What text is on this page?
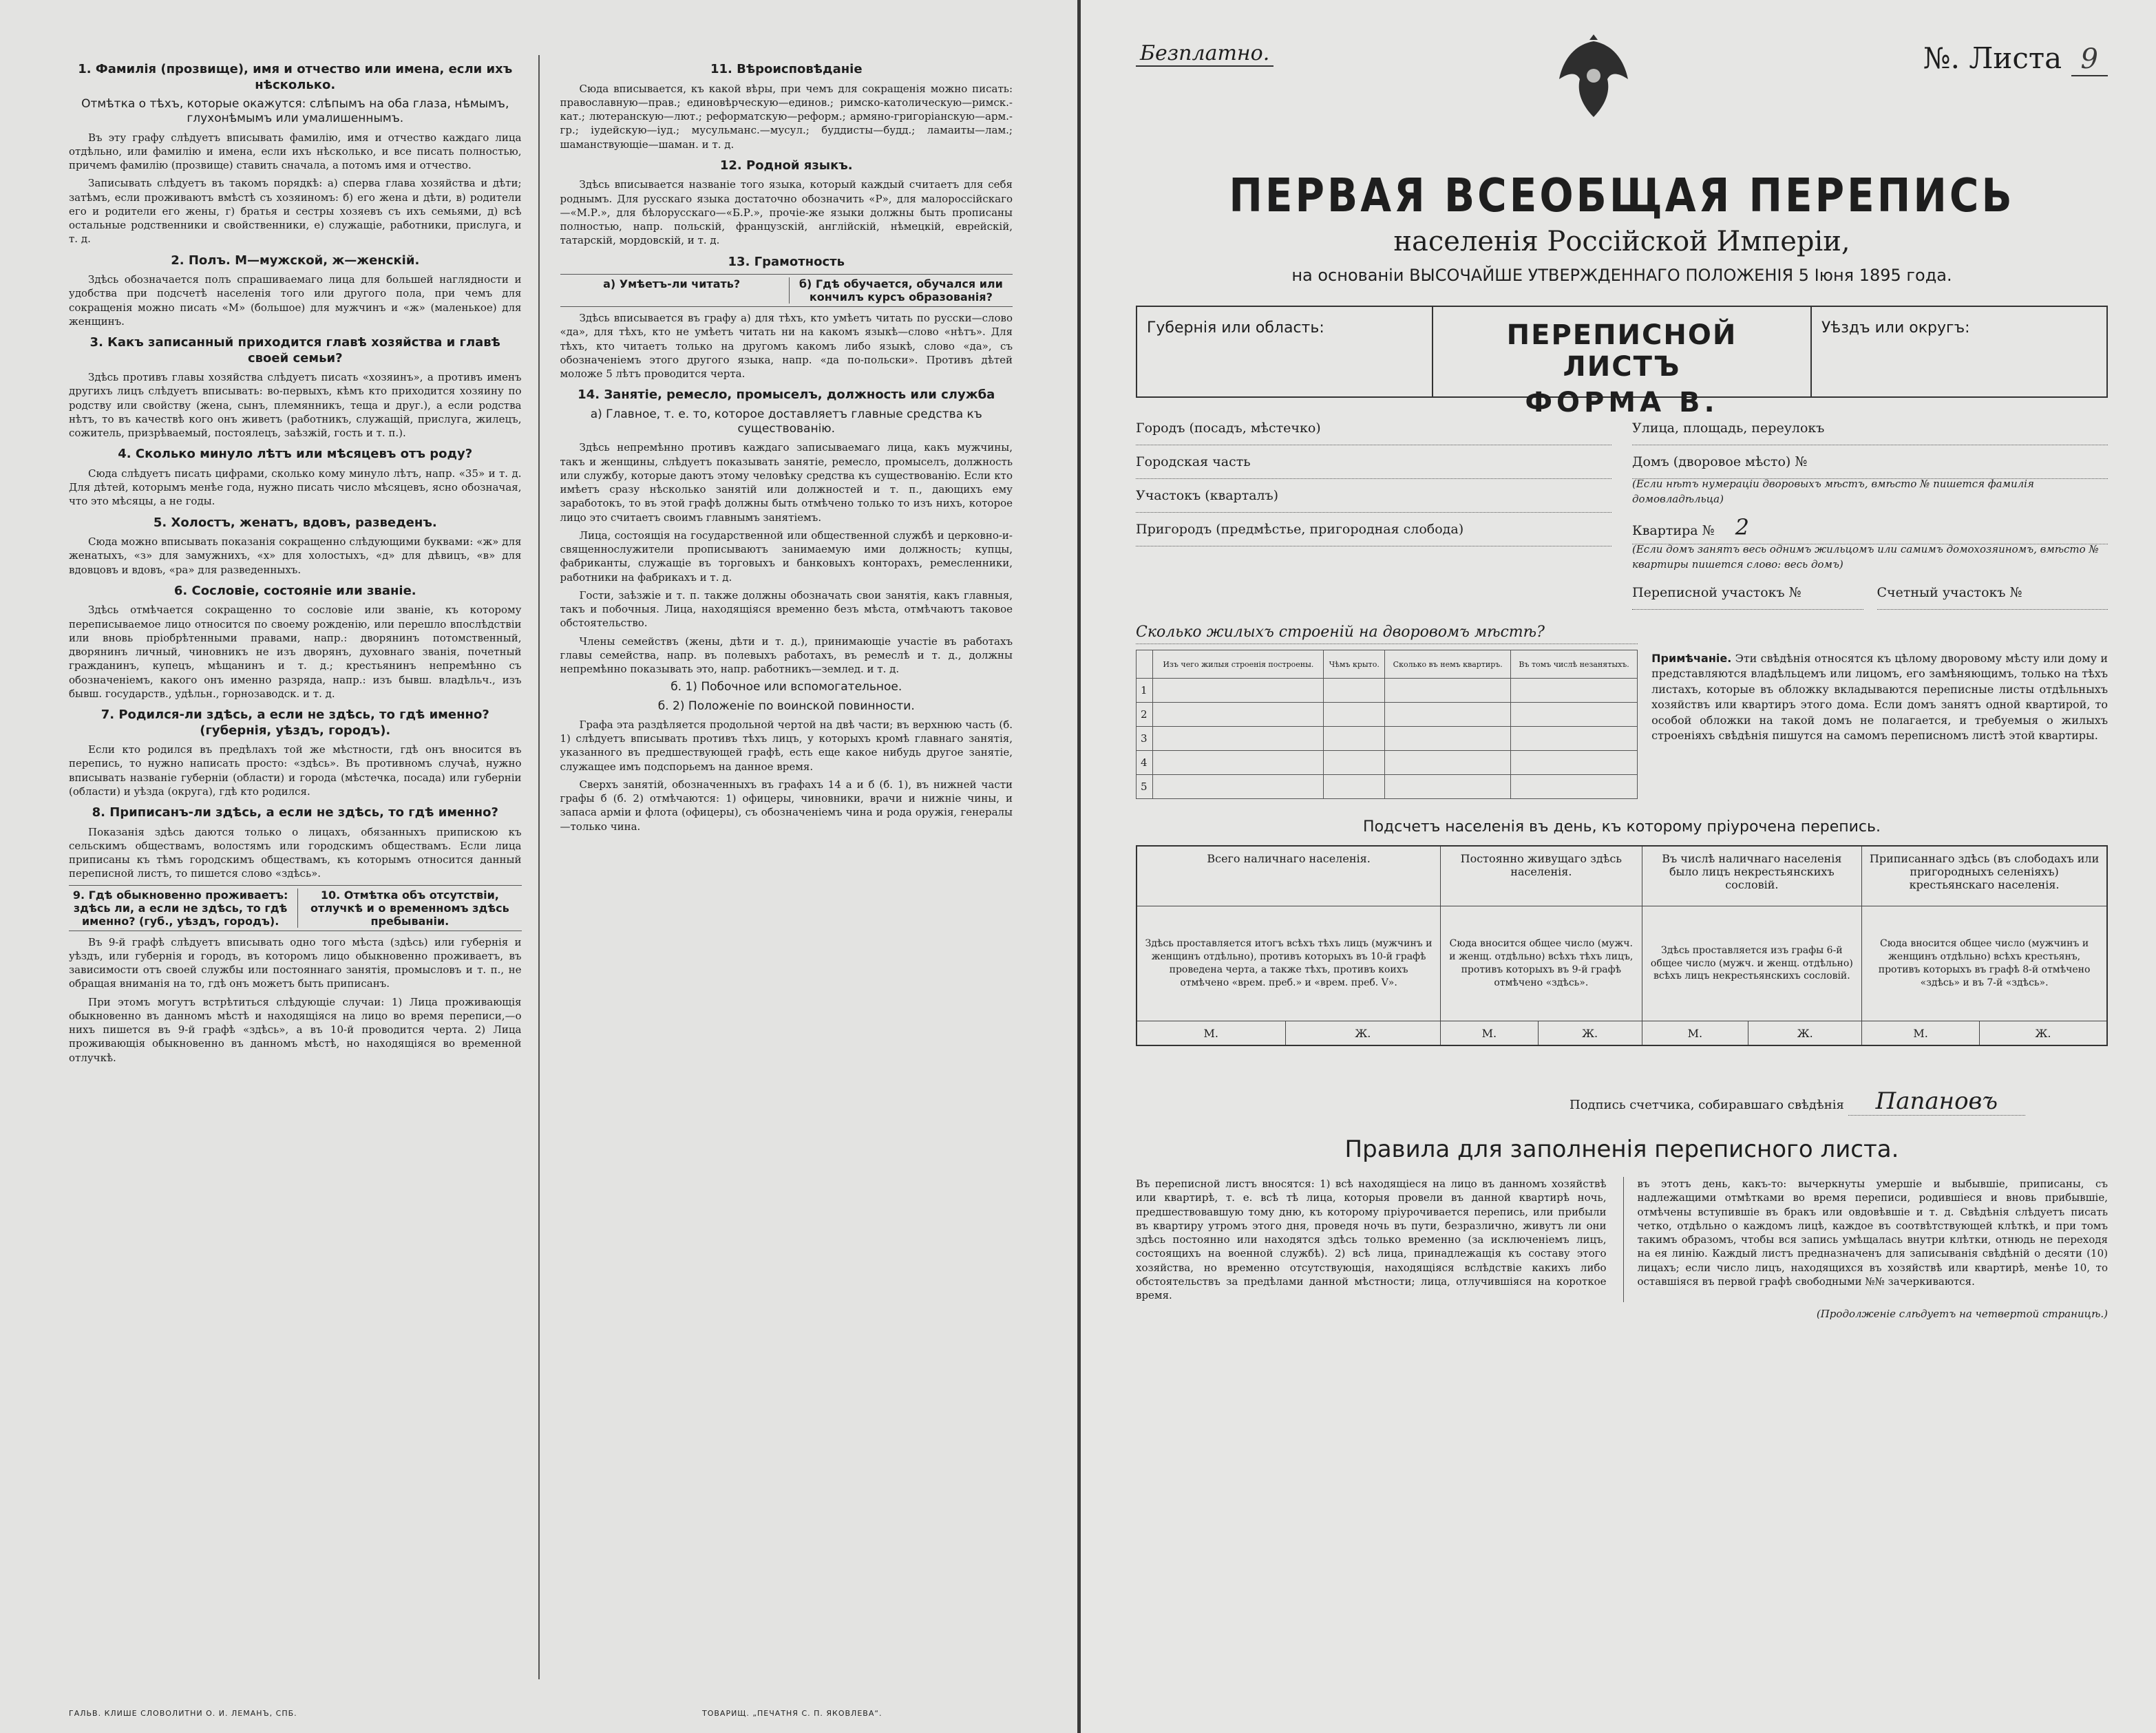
1. Фамилія (прозвище), имя и отчество или имена, если ихъ нѣсколько.
Отмѣтка о тѣхъ, которые окажутся: слѣпымъ на оба глаза, нѣмымъ, глухонѣмымъ или умалишеннымъ.

Въ эту графу слѣдуетъ вписывать фамилію, имя и отчество каждаго лица отдѣльно, или фамилію и имена, если ихъ нѣсколько, и все писать полностью, причемъ фамилію (прозвище) ставить сначала, а потомъ имя и отчество.

Записывать слѣдуетъ въ такомъ порядкѣ: а) сперва глава хозяйства и дѣти; затѣмъ, если проживаютъ вмѣстѣ съ хозяиномъ: б) его жена и дѣти, в) родители его и родители его жены, г) братья и сестры хозяевъ съ ихъ семьями, д) всѣ остальные родственники и свойственники, е) служащіе, работники, прислуга, и т. д.

2. Полъ. М—мужской, ж—женскій.

Здѣсь обозначается полъ спрашиваемаго лица для большей наглядности и удобства при подсчетѣ населенія того или другого пола, при чемъ для сокращенія можно писать «М» (большое) для мужчинъ и «ж» (маленькое) для женщинъ.

3. Какъ записанный приходится главѣ хозяйства и главѣ своей семьи?

Здѣсь противъ главы хозяйства слѣдуетъ писать «хозяинъ», а противъ именъ другихъ лицъ слѣдуетъ вписывать: во-первыхъ, кѣмъ кто приходится хозяину по родству или свойству (жена, сынъ, племянникъ, теща и друг.), а если родства нѣтъ, то въ качествѣ кого онъ живетъ (работникъ, служащій, прислуга, жилецъ, сожитель, призрѣваемый, постоялецъ, заѣзжій, гость и т. п.).

4. Сколько минуло лѣтъ или мѣсяцевъ отъ роду?

Сюда слѣдуетъ писать цифрами, сколько кому минуло лѣтъ, напр. «35» и т. д. Для дѣтей, которымъ менѣе года, нужно писать число мѣсяцевъ, ясно обозначая, что это мѣсяцы, а не годы.

5. Холостъ, женатъ, вдовъ, разведенъ.

Сюда можно вписывать показанія сокращенно слѣдующими буквами: «ж» для женатыхъ, «з» для замужнихъ, «х» для холостыхъ, «д» для дѣвицъ, «в» для вдовцовъ и вдовъ, «ра» для разведенныхъ.

6. Сословіе, состояніе или званіе.

Здѣсь отмѣчается сокращенно то сословіе или званіе, къ которому переписываемое лицо относится по своему рожденію, или перешло впослѣдствіи или вновь пріобрѣтенными правами, напр.: дворянинъ потомственный, дворянинъ личный, чиновникъ не изъ дворянъ, духовнаго званія, почетный гражданинъ, купецъ, мѣщанинъ и т. д.; крестьянинъ непремѣнно съ обозначеніемъ, какого онъ именно разряда, напр.: изъ бывш. владѣльч., изъ бывш. государств., удѣльн., горнозаводск. и т. д.

7. Родился-ли здѣсь, а если не здѣсь, то гдѣ именно? (губернія, уѣздъ, городъ).

Если кто родился въ предѣлахъ той же мѣстности, гдѣ онъ вносится въ перепись, то нужно написать просто: «здѣсь». Въ противномъ случаѣ, нужно вписывать названіе губерніи (области) и города (мѣстечка, посада) или губерніи (области) и уѣзда (округа), гдѣ кто родился.

8. Приписанъ-ли здѣсь, а если не здѣсь, то гдѣ именно?

Показанія здѣсь даются только о лицахъ, обязанныхъ припискою къ сельскимъ обществамъ, волостямъ или городскимъ обществамъ. Если лица приписаны къ тѣмъ городскимъ обществамъ, къ которымъ относится данный переписной листъ, то пишется слово «здѣсь».

9. Гдѣ обыкновенно проживаетъ: здѣсь ли, а если не здѣсь, то гдѣ именно? (губ., уѣздъ, городъ).
10. Отмѣтка объ отсутствіи, отлучкѣ и о временномъ здѣсь пребываніи.

Въ 9-й графѣ слѣдуетъ вписывать одно того мѣста (здѣсь) или губернія и уѣздъ, или губернія и городъ, въ которомъ лицо обыкновенно проживаетъ, въ зависимости отъ своей службы или постояннаго занятія, промысловъ и т. п., не обращая вниманія на то, гдѣ онъ можетъ быть приписанъ.

При этомъ могутъ встрѣтиться слѣдующіе случаи: 1) Лица проживающія обыкновенно въ данномъ мѣстѣ и находящіяся на лицо во время переписи,—о нихъ пишется въ 9-й графѣ «здѣсь», а въ 10-й проводится черта. 2) Лица проживающія обыкновенно въ данномъ мѣстѣ, но находящіяся во временной отлучкѣ.

11. Вѣроисповѣданіе

Сюда вписывается, къ какой вѣры, при чемъ для сокращенія можно писать: православную—прав.; единовѣрческую—единов.; римско-католическую—римск.-кат.; лютеранскую—лют.; реформатскую—реформ.; армяно-григоріанскую—арм.-гр.; іудейскую—іуд.; мусульманс.—мусул.; буддисты—будд.; ламаиты—лам.; шаманствующіе—шаман. и т. д.

12. Родной языкъ.

Здѣсь вписывается названіе того языка, который каждый считаетъ для себя роднымъ. Для русскаго языка достаточно обозначить «Р», для малороссійскаго—«М.Р.», для бѣлорусскаго—«Б.Р.», прочіе-же языки должны быть прописаны полностью, напр. польскій, французскій, англійскій, нѣмецкій, еврейскій, татарскій, мордовскій, и т. д.

13. Грамотность
а) Умѣетъ-ли читать?	б) Гдѣ обучается, обучался или кончилъ курсъ образованія?

Здѣсь вписывается въ графу а) для тѣхъ, кто умѣетъ читать по русски—слово «да», для тѣхъ, кто не умѣетъ читать ни на какомъ языкѣ—слово «нѣтъ». Для тѣхъ, кто читаетъ только на другомъ какомъ либо языкѣ, слово «да», съ обозначеніемъ этого другого языка, напр. «да по-польски». Противъ дѣтей моложе 5 лѣтъ проводится черта.

14. Занятіе, ремесло, промыселъ, должность или служба
а) Главное, т. е. то, которое доставляетъ главные средства къ существованію.

Здѣсь непремѣнно противъ каждаго записываемаго лица, какъ мужчины, такъ и женщины, слѣдуетъ показывать занятіе, ремесло, промыселъ, должность или службу, которые даютъ этому человѣку средства къ существованію. Если кто имѣетъ сразу нѣсколько занятій или должностей и т. п., дающихъ ему заработокъ, то въ этой графѣ должны быть отмѣчено только то изъ нихъ, которое лицо это считаетъ своимъ главнымъ занятіемъ.

Лица, состоящія на государственной или общественной службѣ и церковно-и-священнослужители прописываютъ занимаемую ими должность; купцы, фабриканты, служащіе въ торговыхъ и банковыхъ конторахъ, ремесленники, работники на фабрикахъ и т. д.

Гости, заѣзжіе и т. п. также должны обозначать свои занятія, какъ главныя, такъ и побочныя. Лица, находящіяся временно безъ мѣста, отмѣчаютъ таковое обстоятельство.

Члены семействъ (жены, дѣти и т. д.), принимающіе участіе въ работахъ главы семейства, напр. въ полевыхъ работахъ, въ ремеслѣ и т. д., должны непремѣнно показывать это, напр. работникъ—землед. и т. д.

б. 1) Побочное или вспомогательное.
б. 2) Положеніе по воинской повинности.

Графа эта раздѣляется продольной чертой на двѣ части; въ верхнюю часть (б. 1) слѣдуетъ вписывать противъ тѣхъ лицъ, у которыхъ кромѣ главнаго занятія, указанного въ предшествующей графѣ, есть еще какое нибудь другое занятіе, служащее имъ подспорьемъ на данное время.

Сверхъ занятій, обозначенныхъ въ графахъ 14 а и б (б. 1), въ нижней части графы б (б. 2) отмѣчаются: 1) офицеры, чиновники, врачи и нижніе чины, и запаса армiи и флота (офицеры), съ обозначеніемъ чина и рода оружія, генералы—только чина.

ГАЛЬВ. КЛИШЕ СЛОВОЛИТНИ О. И. ЛЕМАНЪ, СПБ.	ТОВАРИЩ. „ПЕЧАТНЯ С. П. ЯКОВЛЕВА“.
Безплатно.	№. Листа 9
ПЕРВАЯ ВСЕОБЩАЯ ПЕРЕПИСЬ
населенія Россійской Имперіи,
на основаніи ВЫСОЧАЙШЕ УТВЕРЖДЕННАГО ПОЛОЖЕНІЯ 5 Іюня 1895 года.
Губернія или область:	ПЕРЕПИСНОЙ ЛИСТЪ
ФОРМА В.
Уѣздъ или округъ:
Городъ (посадъ, мѣстечко)
Городская часть
Участокъ (кварталъ)
Пригородъ (предмѣстье, пригородная слобода)
Улица, площадь, переулокъ
Домъ (дворовое мѣсто) №
(Если нѣтъ нумераціи дворовыхъ мѣстъ, вмѣсто № пишется фамилія домовладѣльца)
Квартира № 2
(Если домъ занятъ весь однимъ жильцомъ или самимъ домохозяиномъ, вмѣсто № квартиры пишется слово: весь домъ)
Переписной участокъ №	Счетный участокъ №
Сколько жилыхъ строеній на дворовомъ мѣстѣ?
	Изъ чего жилыя строенія построены.	Чѣмъ крыто.	Сколько въ немъ квартиръ.	Въ томъ числѣ незанятыхъ.
1				
2				
3				
4				
5				
Примѣчаніе. Эти свѣдѣнія относятся къ цѣлому дворовому мѣсту или дому и представляются владѣльцемъ или лицомъ, его замѣняющимъ, только на тѣхъ листахъ, которые въ обложку вкладываются переписные листы отдѣльныхъ хозяйствъ или квартиръ этого дома. Если домъ занятъ одной квартирой, то особой обложки на такой домъ не полагается, и требуемыя о жилыхъ строеніяхъ свѣдѣнія пишутся на самомъ переписномъ листѣ этой квартиры.
Подсчетъ населенія въ день, къ которому пріурочена перепись.
Всего наличнаго населенія.		Постоянно живущаго здѣсь населенія.		Въ числѣ наличнаго населенія было лицъ некрестьянскихъ сословій.		Приписаннаго здѣсь (въ слободахъ или пригородныхъ селеніяхъ) крестьянскаго населенія.	
Здѣсь проставляется итогъ всѣхъ тѣхъ лицъ (мужчинъ и женщинъ отдѣльно), противъ которыхъ въ 10-й графѣ проведена черта, а также тѣхъ, противъ коихъ отмѣчено «врем. преб.» и «врем. преб. V».		Сюда вносится общее число (мужч. и женщ. отдѣльно) всѣхъ тѣхъ лицъ, противъ которыхъ въ 9-й графѣ отмѣчено «здѣсь».		Здѣсь проставляется изъ графы 6-й общее число (мужч. и женщ. отдѣльно) всѣхъ лицъ некрестьянскихъ сословій.		Сюда вносится общее число (мужчинъ и женщинъ отдѣльно) всѣхъ крестьянъ, противъ которыхъ въ графѣ 8-й отмѣчено «здѣсь» и въ 7-й «здѣсь».	
М.	Ж.	М.	Ж.	М.	Ж.	М.	Ж.
Подпись счетчика, собиравшаго свѣдѣнія Папановъ
Правила для заполненія переписного листа.
Въ переписной листъ вносятся: 1) всѣ находящіеся на лицо въ данномъ хозяйствѣ или квартирѣ, т. е. всѣ тѣ лица, которыя провели въ данной квартирѣ ночь, предшествовавшую тому дню, къ которому пріурочивается перепись, или прибыли въ квартиру утромъ этого дня, проведя ночь въ пути, безразлично, живутъ ли они здѣсь постоянно или находятся здѣсь только временно (за исключеніемъ лицъ, состоящихъ на военной службѣ). 2) всѣ лица, принадлежащія къ составу этого хозяйства, но временно отсутствующія, находящіяся вслѣдствіе какихъ либо обстоятельствъ за предѣлами данной мѣстности; лица, отлучившіяся на короткое время.
въ этотъ день, какъ-то: вычеркнуты умершіе и выбывшіе, приписаны, съ надлежащими отмѣтками во время переписи, родившіеся и вновь прибывшіе, отмѣчены вступившіе въ бракъ или овдовѣвшіе и т. д. Свѣдѣнія слѣдуетъ писать четко, отдѣльно о каждомъ лицѣ, каждое въ соотвѣтствующей клѣткѣ, и при томъ такимъ образомъ, чтобы вся запись умѣщалась внутри клѣтки, отнюдь не переходя на ея линію. Каждый листъ предназначенъ для записыванія свѣдѣній о десяти (10) лицахъ; если число лицъ, находящихся въ хозяйствѣ или квартирѣ, менѣе 10, то оставшіяся въ первой графѣ свободными №№ зачеркиваются.
(Продолженіе слѣдуетъ на четвертой страницѣ.)
